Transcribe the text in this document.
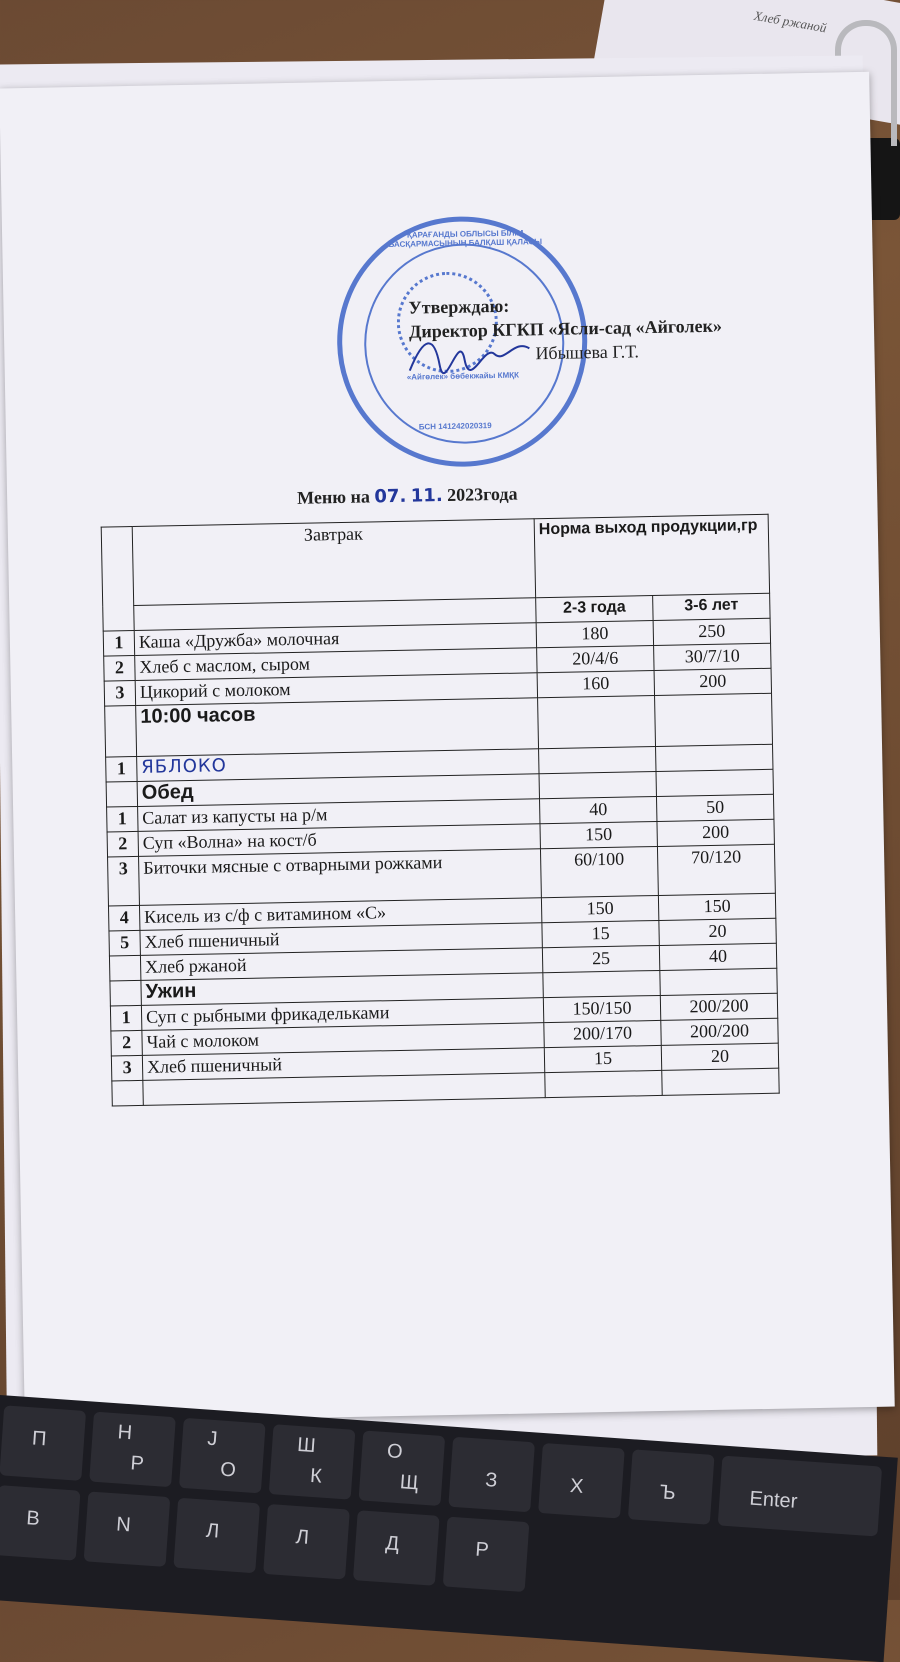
Хлеб ржаной
ҚАРАҒАНДЫ ОБЛЫСЫ БІЛІМ БАСҚАРМАСЫНЫҢ БАЛҚАШ ҚАЛАСЫ
«Айгөлек» бөбекжайы КМҚК
БСН 141242020319
Утверждаю:
Директор КГКП «Ясли-сад «Айголек»
Ибышева Г.Т.
Меню на 07. 11. 2023года
	Завтрак	Норма выход продукции,гр	
		2-3 года	3-6 лет
1	Каша «Дружба» молочная	180	250
2	Хлеб с маслом, сыром	20/4/6	30/7/10
3	Цикорий с молоком	160	200
	10:00 часов		
1	ЯБЛОКО		
	Обед		
1	Салат из капусты на р/м	40	50
2	Суп «Волна» на кост/б	150	200
3	Биточки мясные с отварными рожками	60/100	70/120
4	Кисель из с/ф с витамином «С»	150	150
5	Хлеб пшеничный	15	20
	Хлеб ржаной	25	40
	Ужин		
1	Суп с рыбными фрикадельками	150/150	200/200
2	Чай с молоком	200/170	200/200
3	Хлеб пшеничный	15	20

П	Н
Р
Ј
О
Ш
К
О
Щ	З	Х	Ъ	Enter
В	N	Л	Л	Д	Р
